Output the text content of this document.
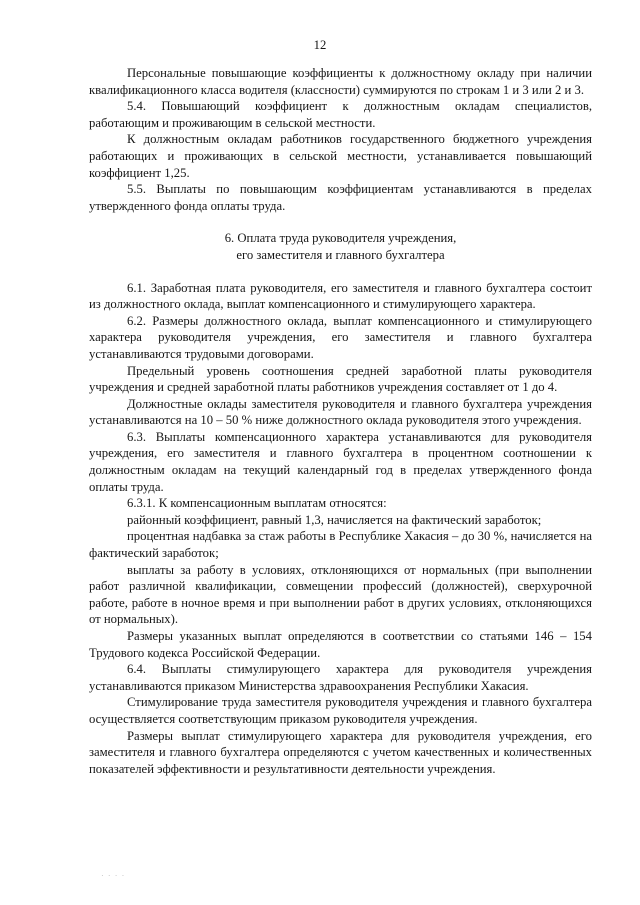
12

Персональные повышающие коэффициенты к должностному окладу при наличии квалификационного класса водителя (классности) суммируются по строкам 1 и 3 или 2 и 3.

5.4. Повышающий коэффициент к должностным окладам специалистов, работающим и проживающим в сельской местности.

К должностным окладам работников государственного бюджетного учреждения работающих и проживающих в сельской местности, устанавливается повышающий коэффициент 1,25.

5.5. Выплаты по повышающим коэффициентам устанавливаются в пределах утвержденного фонда оплаты труда.

6. Оплата труда руководителя учреждения,
его заместителя и главного бухгалтера

6.1. Заработная плата руководителя, его заместителя и главного бухгалтера состоит из должностного оклада, выплат компенсационного и стимулирующего характера.

6.2. Размеры должностного оклада, выплат компенсационного и стимулирующего характера руководителя учреждения, его заместителя и главного бухгалтера устанавливаются трудовыми договорами.

Предельный уровень соотношения средней заработной платы руководителя учреждения и средней заработной платы работников учреждения составляет от 1 до 4.

Должностные оклады заместителя руководителя и главного бухгалтера учреждения устанавливаются на 10 – 50 % ниже должностного оклада руководителя этого учреждения.

6.3. Выплаты компенсационного характера устанавливаются для руководителя учреждения, его заместителя и главного бухгалтера в процентном соотношении к должностным окладам на текущий календарный год в пределах утвержденного фонда оплаты труда.

6.3.1. К компенсационным выплатам относятся:

районный коэффициент, равный 1,3, начисляется на фактический заработок;

процентная надбавка за стаж работы в Республике Хакасия – до 30 %, начисляется на фактический заработок;

выплаты за работу в условиях, отклоняющихся от нормальных (при выполнении работ различной квалификации, совмещении профессий (должностей), сверхурочной работе, работе в ночное время и при выполнении работ в других условиях, отклоняющихся от нормальных).

Размеры указанных выплат определяются в соответствии со статьями 146 – 154 Трудового кодекса Российской Федерации.

6.4. Выплаты стимулирующего характера для руководителя учреждения устанавливаются приказом Министерства здравоохранения Республики Хакасия.

Стимулирование труда заместителя руководителя учреждения и главного бухгалтера осуществляется соответствующим приказом руководителя учреждения.

Размеры выплат стимулирующего характера для руководителя учреждения, его заместителя и главного бухгалтера определяются с учетом качественных и количественных показателей эффективности и результативности деятельности учреждения.

· · · ·
